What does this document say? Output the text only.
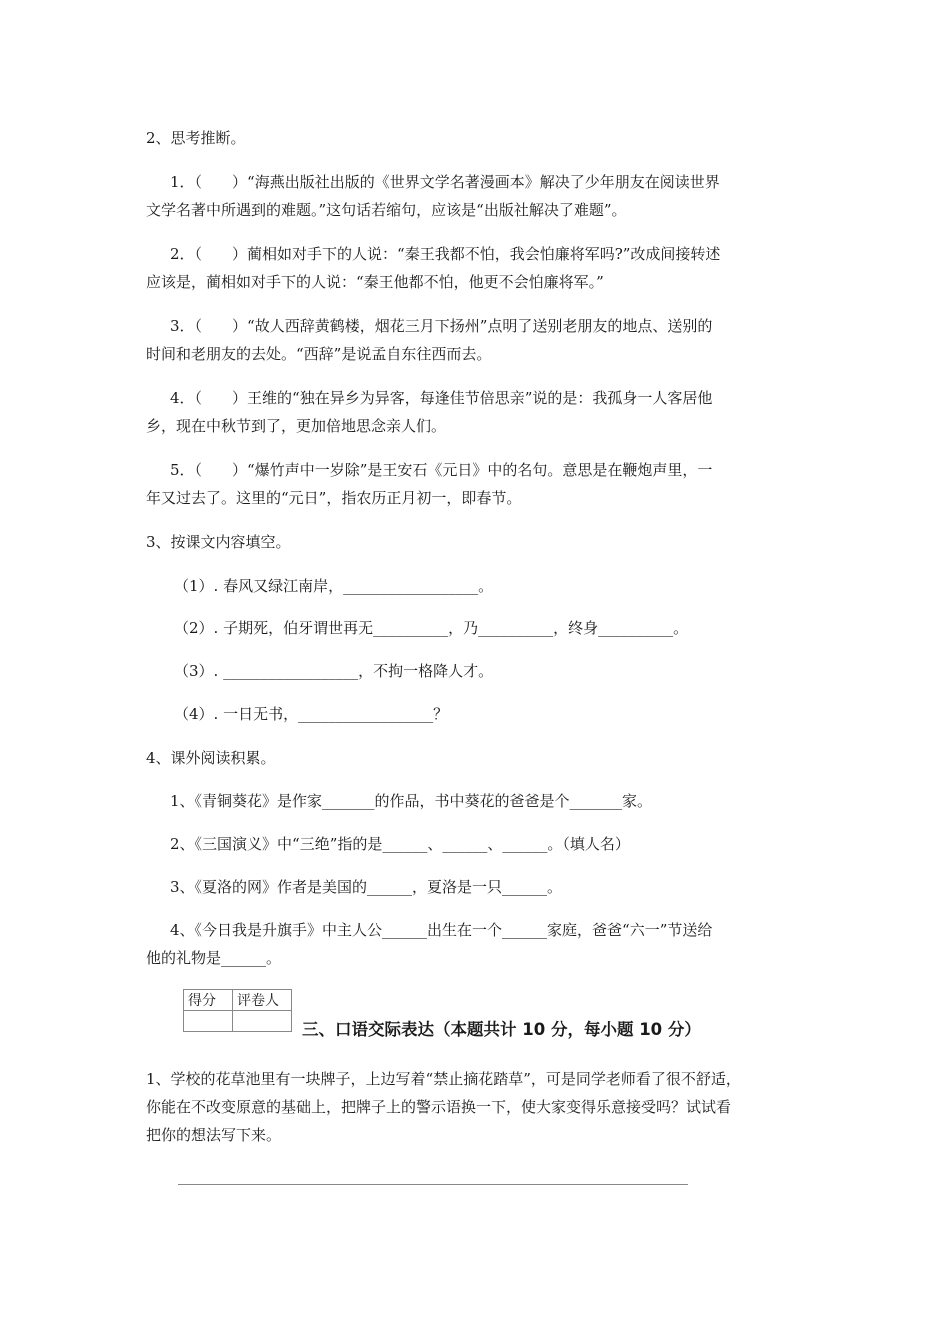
2、思考推断。
1．（　　）“海燕出版社出版的《世界文学名著漫画本》解决了少年朋友在阅读世界
文学名著中所遇到的难题。”这句话若缩句，应该是“出版社解决了难题”。
2．（　　）蔺相如对手下的人说：“秦王我都不怕，我会怕廉将军吗?”改成间接转述
应该是，蔺相如对手下的人说：“秦王他都不怕，他更不会怕廉将军。”
3．（　　）“故人西辞黄鹤楼，烟花三月下扬州”点明了送别老朋友的地点、送别的
时间和老朋友的去处。“西辞”是说孟自东往西而去。
4．（　　）王维的“独在异乡为异客，每逢佳节倍思亲”说的是：我孤身一人客居他
乡，现在中秋节到了，更加倍地思念亲人们。
5．（　　）“爆竹声中一岁除”是王安石《元日》中的名句。意思是在鞭炮声里，一
年又过去了。这里的“元日”，指农历正月初一，即春节。
3、按课文内容填空。
（1）. 春风又绿江南岸，__________________。
（2）. 子期死，伯牙谓世再无__________，乃__________，终身__________。
（3）. __________________，不拘一格降人才。
（4）. 一日无书，__________________？
4、课外阅读积累。
1、《青铜葵花》是作家_______的作品，书中葵花的爸爸是个_______家。
2、《三国演义》中“三绝”指的是______、______、______。（填人名）
3、《夏洛的网》作者是美国的______，夏洛是一只______。
4、《今日我是升旗手》中主人公______出生在一个______家庭，爸爸“六一”节送给
他的礼物是______。
得分	评卷人

三、口语交际表达（本题共计 10 分，每小题 10 分）
1、学校的花草池里有一块牌子，上边写着“禁止摘花踏草”，可是同学老师看了很不舒适，
你能在不改变原意的基础上，把牌子上的警示语换一下，使大家变得乐意接受吗？试试看
把你的想法写下来。
